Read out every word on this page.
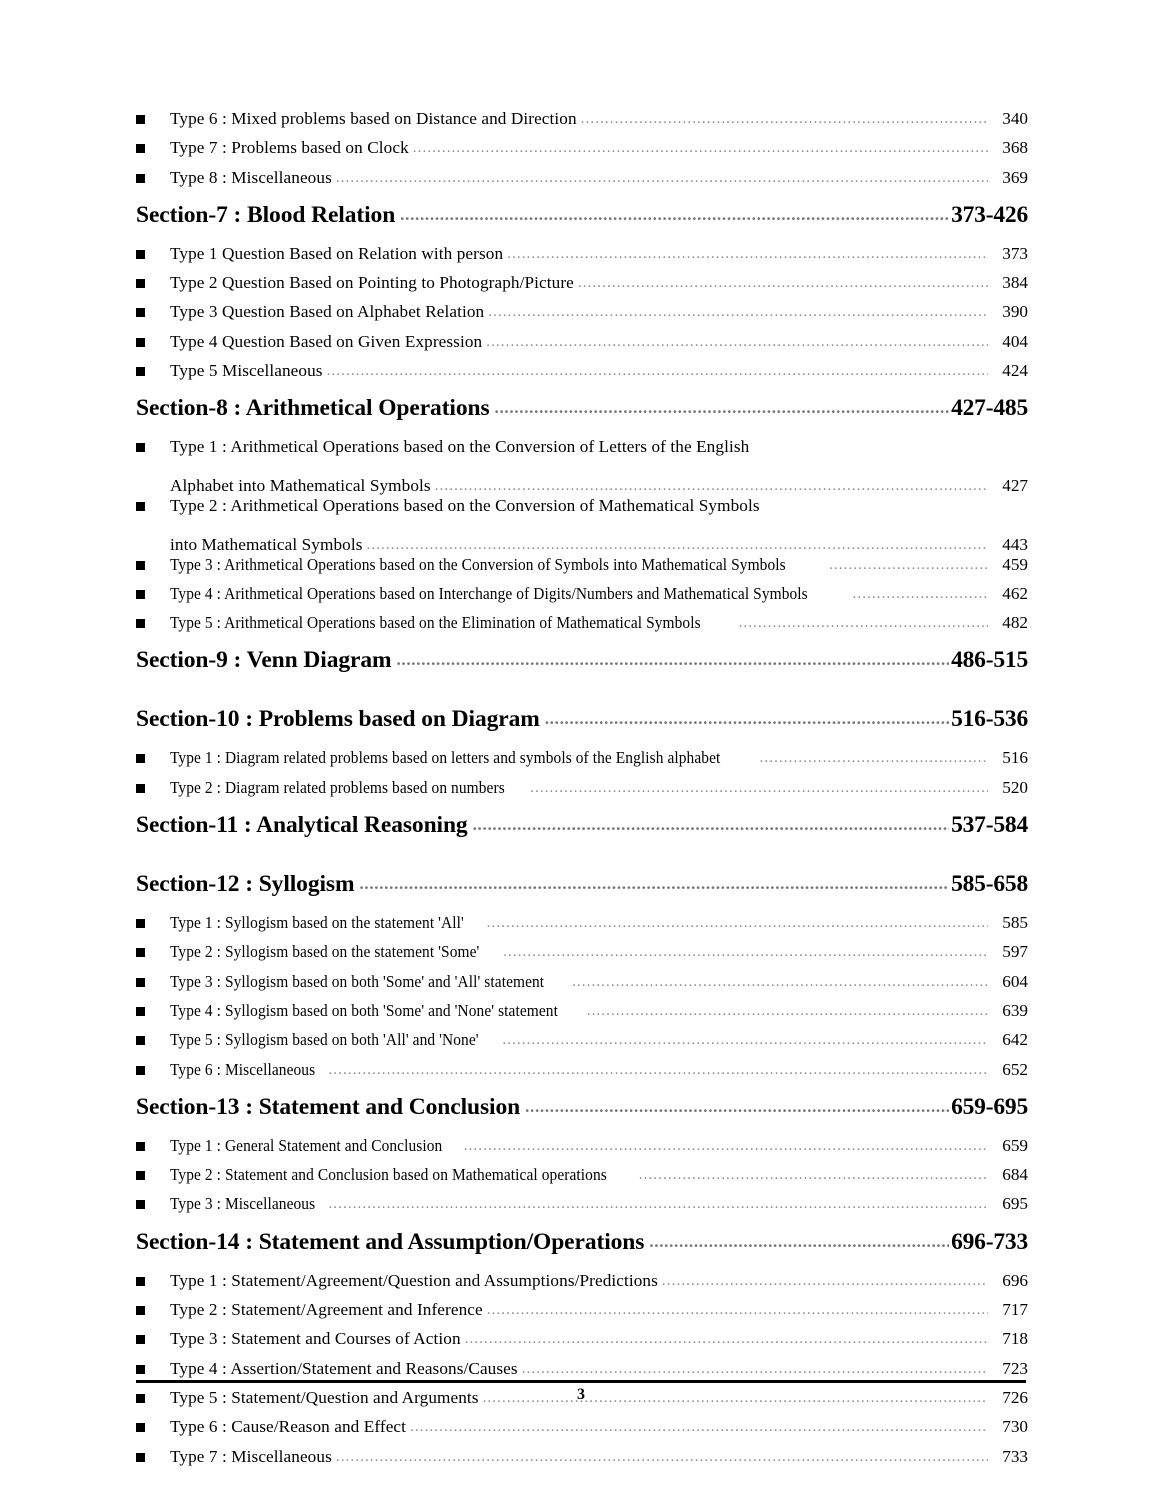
Type 6 : Mixed problems based on Distance and Direction .....	340
Type 7 : Problems based on Clock .....	368
Type 8 : Miscellaneous .....	369
Section-7 : Blood Relation .....	373-426
Type 1 Question Based on Relation with person .....	373
Type 2 Question Based on Pointing to Photograph/Picture .....	384
Type 3 Question Based on Alphabet Relation .....	390
Type 4 Question Based on Given Expression .....	404
Type 5 Miscellaneous .....	424
Section-8 : Arithmetical Operations .....	427-485
Type 1 : Arithmetical Operations based on the Conversion of Letters of the English
Alphabet into Mathematical Symbols .....	427
Type 2 : Arithmetical Operations based on the Conversion of Mathematical Symbols
into Mathematical Symbols .....	443
Type 3 : Arithmetical Operations based on the Conversion of Symbols into Mathematical Symbols .....	459
Type 4 : Arithmetical Operations based on Interchange of Digits/Numbers and Mathematical Symbols .....	462
Type 5 : Arithmetical Operations based on the Elimination of Mathematical Symbols .....	482
Section-9 : Venn Diagram .....	486-515
Section-10 : Problems based on Diagram .....	516-536
Type 1 : Diagram related problems based on letters and symbols of the English alphabet .....	516
Type 2 : Diagram related problems based on numbers .....	520
Section-11 : Analytical Reasoning .....	537-584
Section-12 : Syllogism .....	585-658
Type 1 : Syllogism based on the statement 'All' .....	585
Type 2 : Syllogism based on the statement 'Some' .....	597
Type 3 : Syllogism based on both 'Some' and 'All' statement .....	604
Type 4 : Syllogism based on both 'Some' and 'None' statement .....	639
Type 5 : Syllogism based on both 'All' and 'None' .....	642
Type 6 : Miscellaneous .....	652
Section-13 : Statement and Conclusion .....	659-695
Type 1 : General Statement and Conclusion .....	659
Type 2 : Statement and Conclusion based on Mathematical operations .....	684
Type 3 : Miscellaneous .....	695
Section-14 : Statement and Assumption/Operations .....	696-733
Type 1 : Statement/Agreement/Question and Assumptions/Predictions .....	696
Type 2 : Statement/Agreement and Inference .....	717
Type 3 : Statement and Courses of Action .....	718
Type 4 : Assertion/Statement and Reasons/Causes .....	723
Type 5 : Statement/Question and Arguments .....	726
Type 6 : Cause/Reason and Effect .....	730
Type 7 : Miscellaneous .....	733
3
